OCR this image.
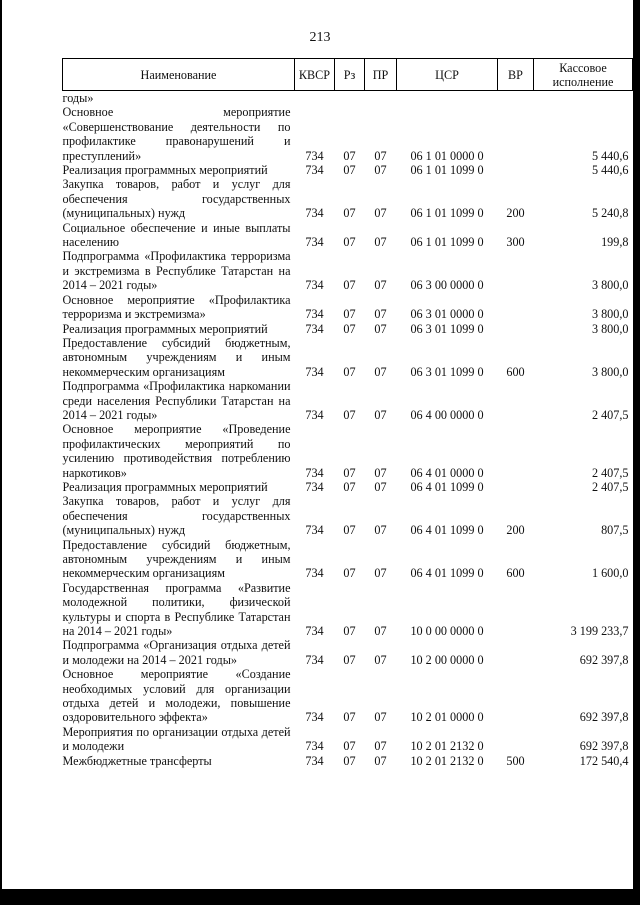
213
Наименование	КВСР	Рз	ПР	ЦСР	ВР	Кассовое исполнение
годы»						
Основное мероприятие «Совершенствование деятельности по профилактике правонарушений и преступлений»	734	07	07	06 1 01 0000 0		5 440,6
Реализация программных мероприятий	734	07	07	06 1 01 1099 0		5 440,6
Закупка товаров, работ и услуг для обеспечения государственных (муниципальных) нужд	734	07	07	06 1 01 1099 0	200	5 240,8
Социальное обеспечение и иные выплаты населению	734	07	07	06 1 01 1099 0	300	199,8
Подпрограмма «Профилактика терроризма и экстремизма в Республике Татарстан на 2014 – 2021 годы»	734	07	07	06 3 00 0000 0		3 800,0
Основное мероприятие «Профилактика терроризма и экстремизма»	734	07	07	06 3 01 0000 0		3 800,0
Реализация программных мероприятий	734	07	07	06 3 01 1099 0		3 800,0
Предоставление субсидий бюджетным, автономным учреждениям и иным некоммерческим организациям	734	07	07	06 3 01 1099 0	600	3 800,0
Подпрограмма «Профилактика наркомании среди населения Республики Татарстан на 2014 – 2021 годы»	734	07	07	06 4 00 0000 0		2 407,5
Основное мероприятие «Проведение профилактических мероприятий по усилению противодействия потреблению наркотиков»	734	07	07	06 4 01 0000 0		2 407,5
Реализация программных мероприятий	734	07	07	06 4 01 1099 0		2 407,5
Закупка товаров, работ и услуг для обеспечения государственных (муниципальных) нужд	734	07	07	06 4 01 1099 0	200	807,5
Предоставление субсидий бюджетным, автономным учреждениям и иным некоммерческим организациям	734	07	07	06 4 01 1099 0	600	1 600,0
Государственная программа «Развитие молодежной политики, физической культуры и спорта в Республике Татарстан на 2014 – 2021 годы»	734	07	07	10 0 00 0000 0		3 199 233,7
Подпрограмма «Организация отдыха детей и молодежи на 2014 – 2021 годы»	734	07	07	10 2 00 0000 0		692 397,8
Основное мероприятие «Создание необходимых условий для организации отдыха детей и молодежи, повышение оздоровительного эффекта»	734	07	07	10 2 01 0000 0		692 397,8
Мероприятия по организации отдыха детей и молодежи	734	07	07	10 2 01 2132 0		692 397,8
Межбюджетные трансферты	734	07	07	10 2 01 2132 0	500	172 540,4
